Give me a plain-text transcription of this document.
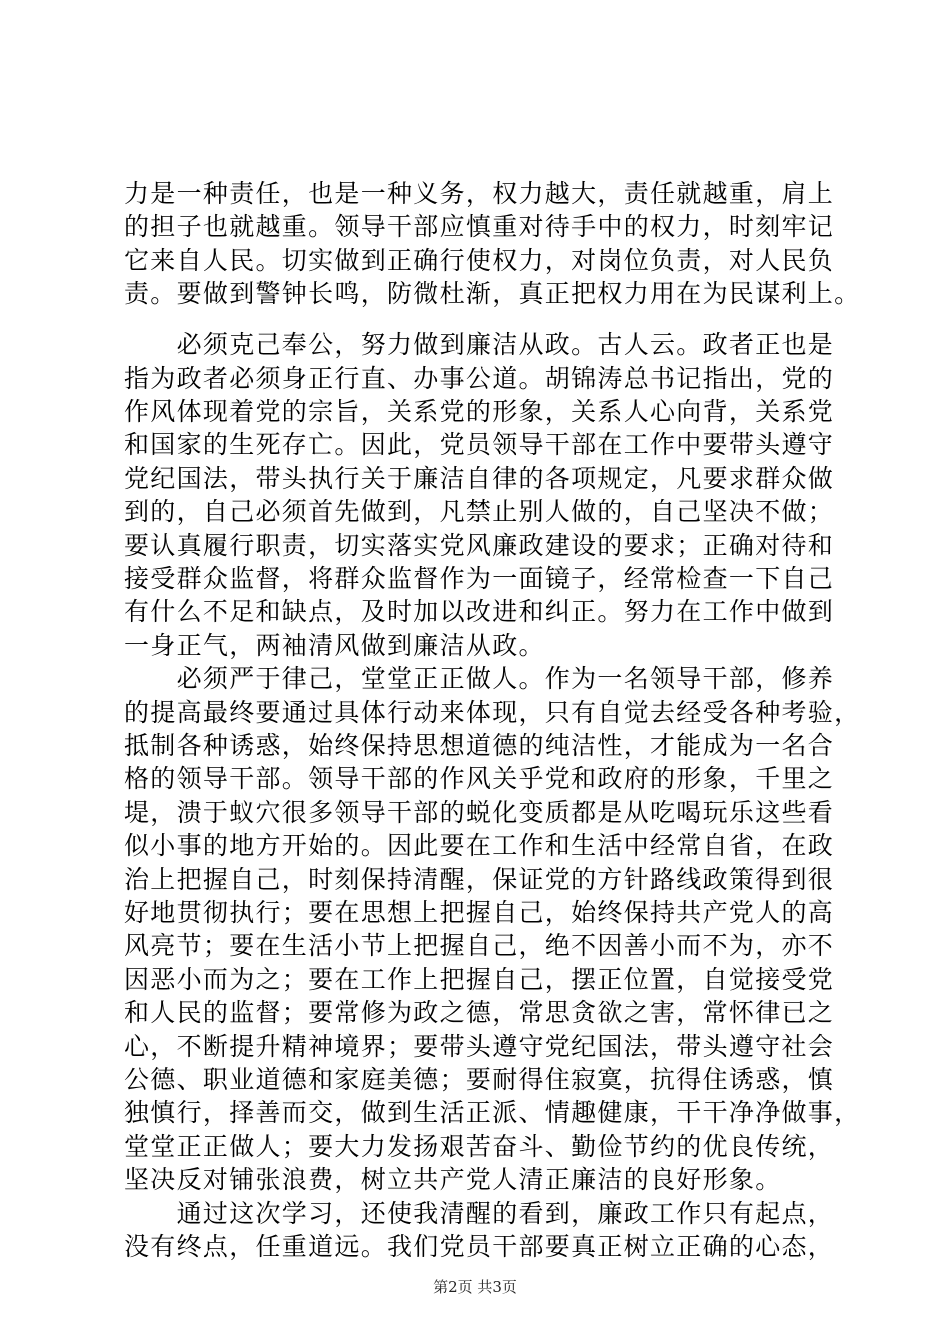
力是一种责任，也是一种义务，权力越大，责任就越重，肩上
的担子也就越重。领导干部应慎重对待手中的权力，时刻牢记
它来自人民。切实做到正确行使权力，对岗位负责，对人民负
责。要做到警钟长鸣，防微杜渐，真正把权力用在为民谋利上。
　　必须克己奉公，努力做到廉洁从政。古人云。政者正也是
指为政者必须身正行直、办事公道。胡锦涛总书记指出，党的
作风体现着党的宗旨，关系党的形象，关系人心向背，关系党
和国家的生死存亡。因此，党员领导干部在工作中要带头遵守
党纪国法，带头执行关于廉洁自律的各项规定，凡要求群众做
到的，自己必须首先做到，凡禁止别人做的，自己坚决不做；
要认真履行职责，切实落实党风廉政建设的要求；正确对待和
接受群众监督，将群众监督作为一面镜子，经常检查一下自己
有什么不足和缺点，及时加以改进和纠正。努力在工作中做到
一身正气，两袖清风做到廉洁从政。
　　必须严于律己，堂堂正正做人。作为一名领导干部，修养
的提高最终要通过具体行动来体现，只有自觉去经受各种考验，
抵制各种诱惑，始终保持思想道德的纯洁性，才能成为一名合
格的领导干部。领导干部的作风关乎党和政府的形象，千里之
堤，溃于蚁穴很多领导干部的蜕化变质都是从吃喝玩乐这些看
似小事的地方开始的。因此要在工作和生活中经常自省，在政
治上把握自己，时刻保持清醒，保证党的方针路线政策得到很
好地贯彻执行；要在思想上把握自己，始终保持共产党人的高
风亮节；要在生活小节上把握自己，绝不因善小而不为，亦不
因恶小而为之；要在工作上把握自己，摆正位置，自觉接受党
和人民的监督；要常修为政之德，常思贪欲之害，常怀律已之
心，不断提升精神境界；要带头遵守党纪国法，带头遵守社会
公德、职业道德和家庭美德；要耐得住寂寞，抗得住诱惑，慎
独慎行，择善而交，做到生活正派、情趣健康，干干净净做事，
堂堂正正做人；要大力发扬艰苦奋斗、勤俭节约的优良传统，
坚决反对铺张浪费，树立共产党人清正廉洁的良好形象。
　　通过这次学习，还使我清醒的看到，廉政工作只有起点，
没有终点，任重道远。我们党员干部要真正树立正确的心态，
第2页 共3页
